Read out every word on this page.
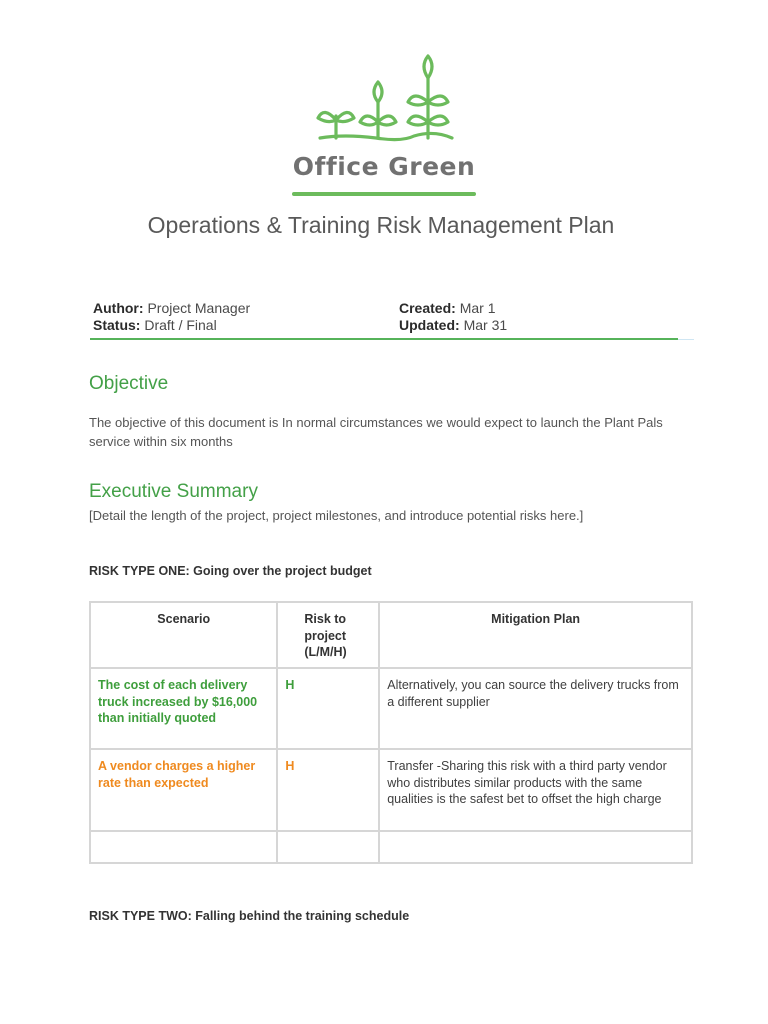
Office Green
Operations & Training Risk Management Plan
Author: Project Manager
Status: Draft / Final
Created: Mar 1
Updated: Mar 31
Objective
The objective of this document is In normal circumstances we would expect to launch the Plant Pals service within six months
Executive Summary
[Detail the length of the project, project milestones, and introduce potential risks here.]
RISK TYPE ONE: Going over the project budget
Scenario	Risk to project (L/M/H)	Mitigation Plan
The cost of each delivery truck increased by $16,000 than initially quoted	H	Alternatively, you can source the delivery trucks from a different supplier
A vendor charges a higher rate than expected	H	Transfer -Sharing this risk with a third party vendor who distributes similar products with the same qualities is the safest bet to offset the high charge

RISK TYPE TWO: Falling behind the training schedule
